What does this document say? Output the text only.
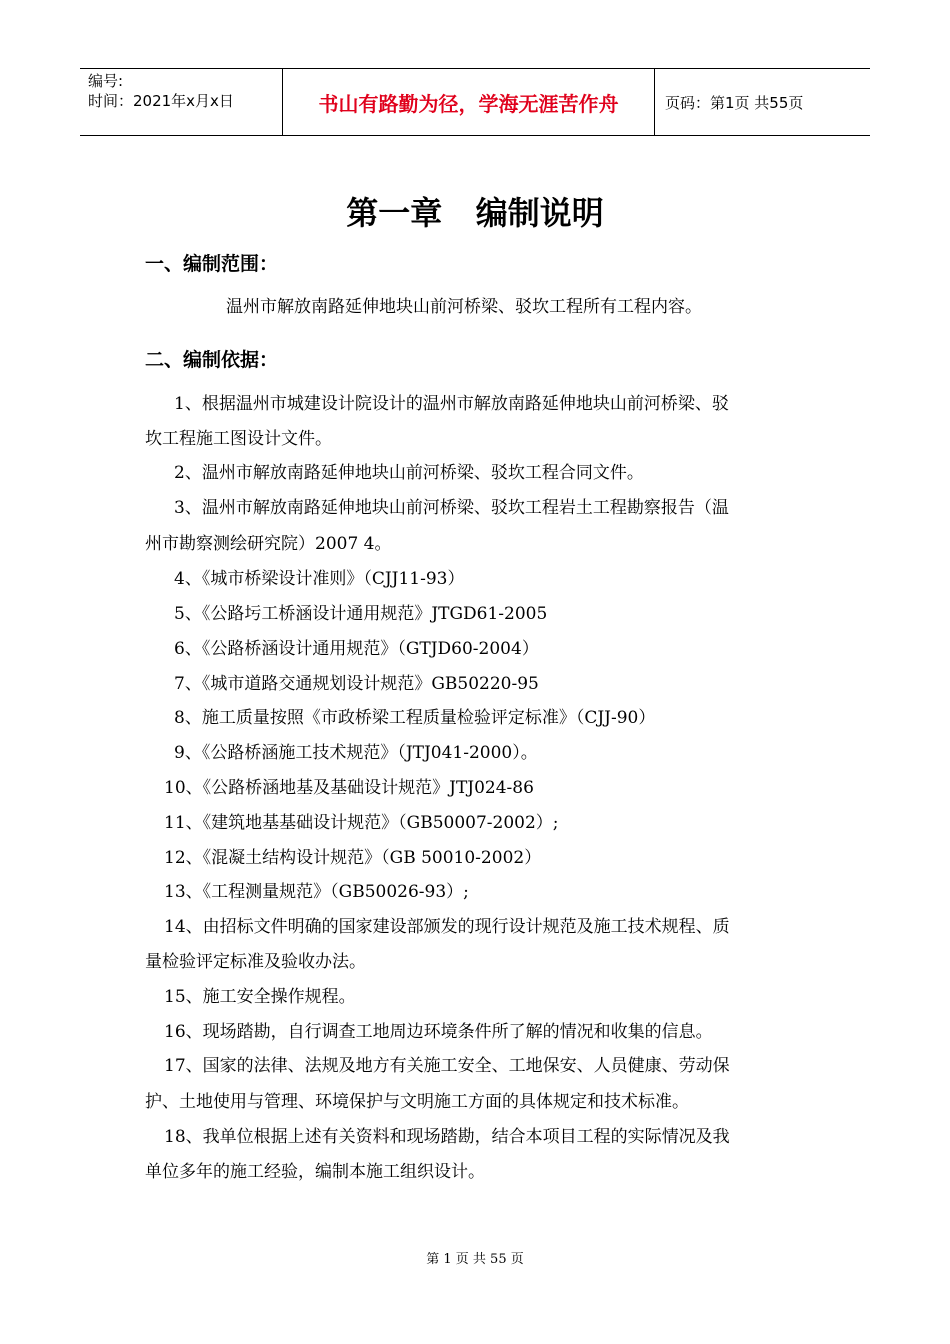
编号:
时间：2021年x月x日	书山有路勤为径，学海无涯苦作舟	页码：第1页 共55页
第一章   编制说明
一、编制范围：
温州市解放南路延伸地块山前河桥梁、驳坎工程所有工程内容。
二、编制依据：
1、根据温州市城建设计院设计的温州市解放南路延伸地块山前河桥梁、驳
坎工程施工图设计文件。
2、温州市解放南路延伸地块山前河桥梁、驳坎工程合同文件。
3、温州市解放南路延伸地块山前河桥梁、驳坎工程岩土工程勘察报告（温
州市勘察测绘研究院）2007 4。
4、《城市桥梁设计准则》（CJJ11-93）
5、《公路圬工桥涵设计通用规范》JTGD61-2005
6、《公路桥涵设计通用规范》（GTJD60-2004）
7、《城市道路交通规划设计规范》GB50220-95
8、施工质量按照《市政桥梁工程质量检验评定标准》（CJJ-90）
9、《公路桥涵施工技术规范》（JTJ041-2000）。
10、《公路桥涵地基及基础设计规范》JTJ024-86
11、《建筑地基基础设计规范》（GB50007-2002）;
12、《混凝土结构设计规范》（GB 50010-2002）
13、《工程测量规范》（GB50026-93）;
14、由招标文件明确的国家建设部颁发的现行设计规范及施工技术规程、质
量检验评定标准及验收办法。
15、施工安全操作规程。
16、现场踏勘，自行调查工地周边环境条件所了解的情况和收集的信息。
17、国家的法律、法规及地方有关施工安全、工地保安、人员健康、劳动保
护、土地使用与管理、环境保护与文明施工方面的具体规定和技术标准。
18、我单位根据上述有关资料和现场踏勘，结合本项目工程的实际情况及我
单位多年的施工经验，编制本施工组织设计。
第 1 页 共 55 页
